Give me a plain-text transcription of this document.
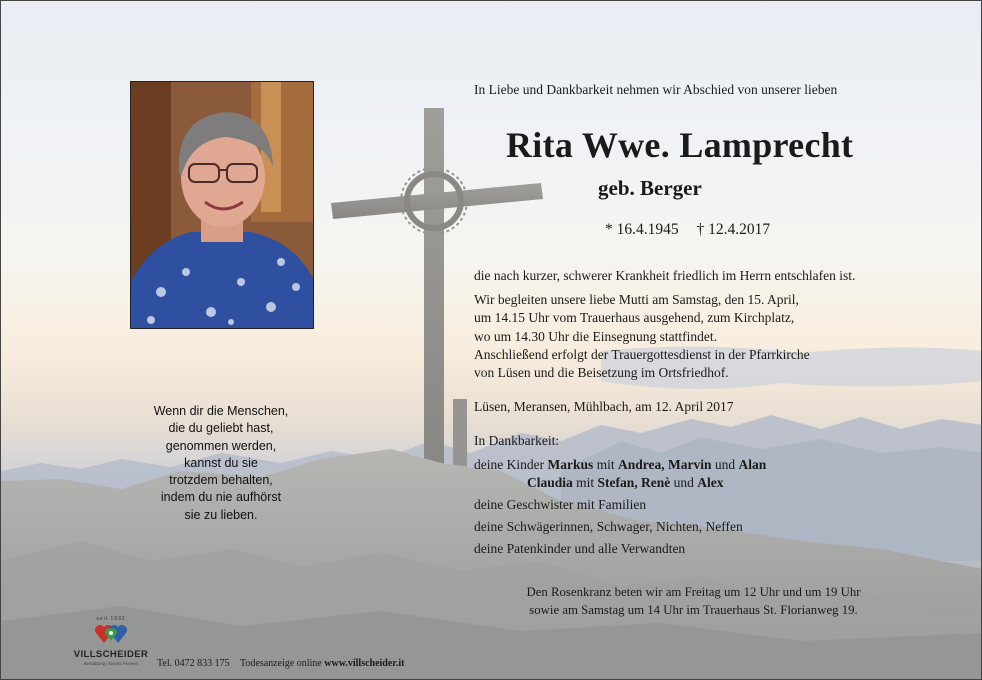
Wenn dir die Menschen,
die du geliebt hast,
genommen werden,
kannst du sie
trotzdem behalten,
indem du nie aufhörst
sie zu lieben.
In Liebe und Dankbarkeit nehmen wir Abschied von unserer lieben
Rita Wwe. Lamprecht
geb. Berger
* 16.4.1945 † 12.4.2017
die nach kurzer, schwerer Krankheit friedlich im Herrn entschlafen ist.
Wir begleiten unsere liebe Mutti am Samstag, den 15. April,
um 14.15 Uhr vom Trauerhaus ausgehend, zum Kirchplatz,
wo um 14.30 Uhr die Einsegnung stattfindet.
Anschließend erfolgt der Trauergottesdienst in der Pfarrkirche
von Lüsen und die Beisetzung im Ortsfriedhof.
Lüsen, Meransen, Mühlbach, am 12. April 2017
In Dankbarkeit:
deine Kinder Markus mit Andrea, Marvin und Alan
Claudia mit Stefan, Renè und Alex
deine Geschwister mit Familien
deine Schwägerinnen, Schwager, Nichten, Neffen
deine Patenkinder und alle Verwandten
Den Rosenkranz beten wir am Freitag um 12 Uhr und um 19 Uhr
sowie am Samstag um 14 Uhr im Trauerhaus St. Florianweg 19.
seit 1932
VILLSCHEIDER
Bestattung | Bonus Forever	Tel. 0472 833 175 Todesanzeige online www.villscheider.it
